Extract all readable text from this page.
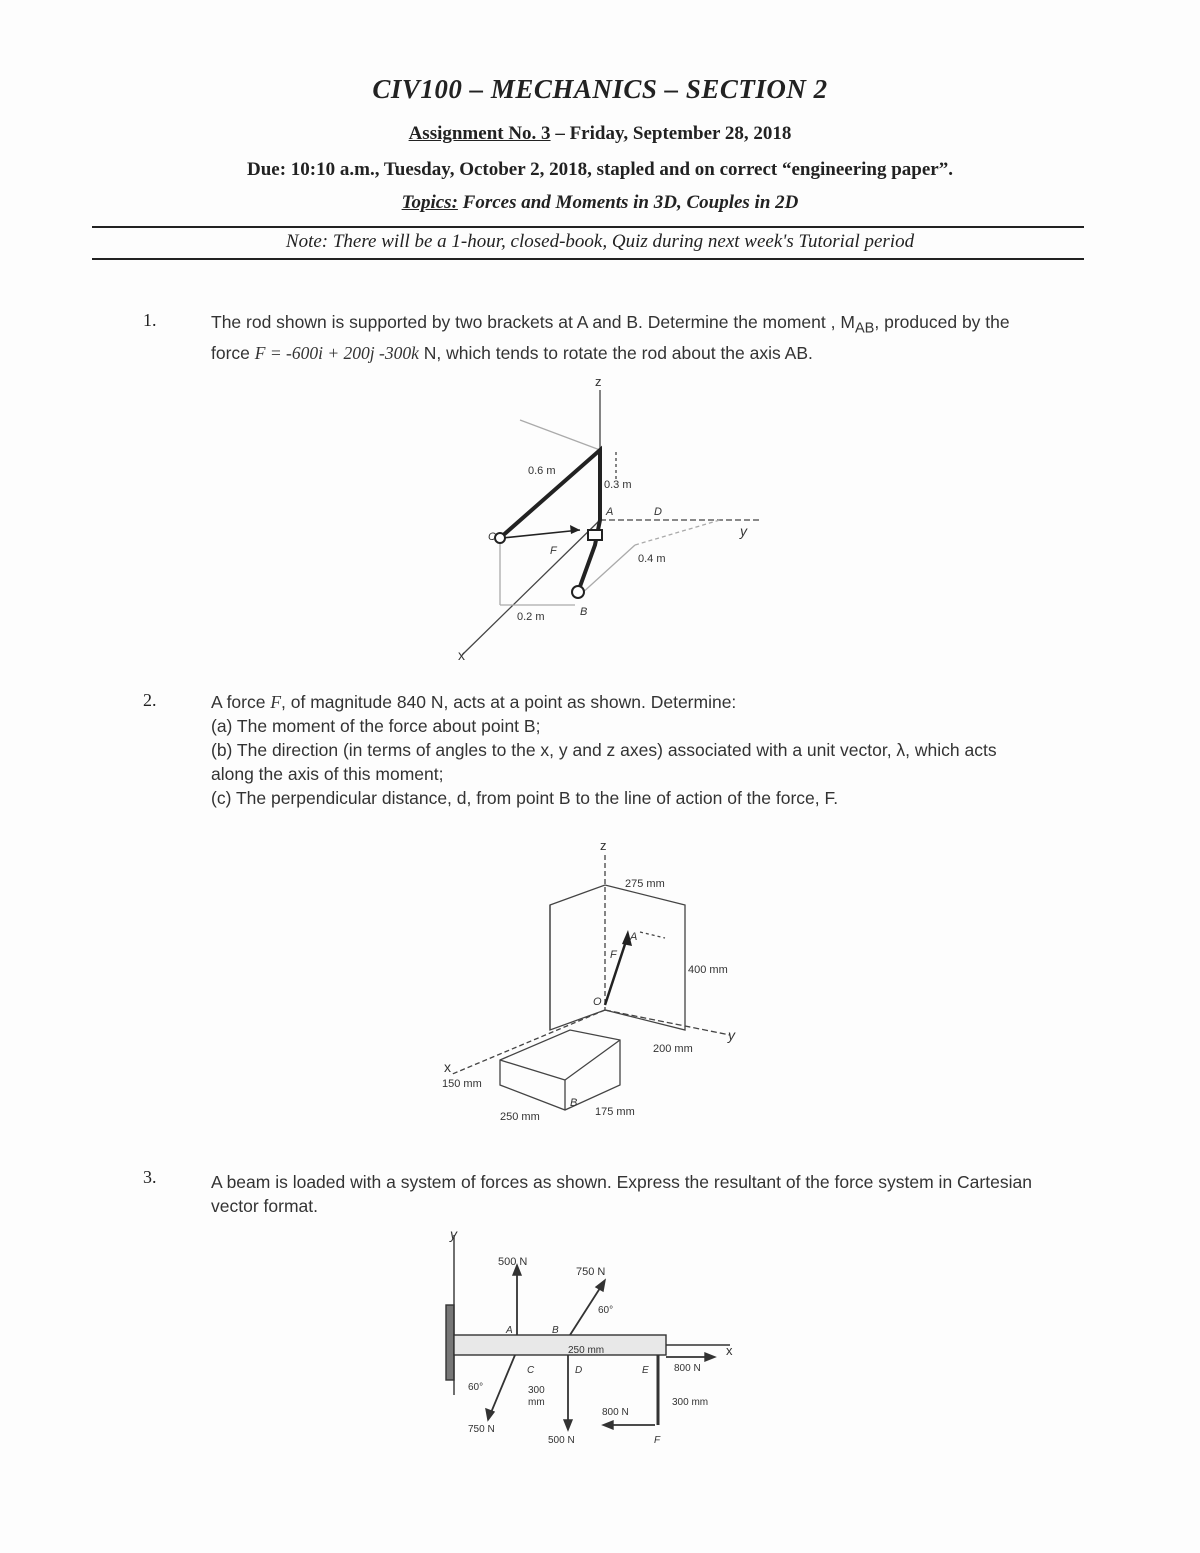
CIV100 – MECHANICS – SECTION 2
Assignment No. 3 – Friday, September 28, 2018
Due: 10:10 a.m., Tuesday, October 2, 2018, stapled and on correct “engineering paper”.
Topics: Forces and Moments in 3D, Couples in 2D
Note: There will be a 1-hour, closed-book, Quiz during next week's Tutorial period
1.	The rod shown is supported by two brackets at A and B. Determine the moment , $M_{AB}$, produced by the
force F = -600i + 200j -300k N, which tends to rotate the rod about the axis AB.
z
x
y
0.6 m
0.3 m
0.4 m
0.2 m
A
B
C
D
F
2.	A force F, of magnitude 840 N, acts at a point as shown. Determine:
(a) The moment of the force about point B;
(b) The direction (in terms of angles to the x, y and z axes) associated with a unit vector, λ, which acts
along the axis of this moment;
(c) The perpendicular distance, d, from point B to the line of action of the force, F.
z
x
y
275 mm
400 mm
200 mm
150 mm
250 mm	175 mm
A
B
O
F
3.	A beam is loaded with a system of forces as shown. Express the resultant of the force system in Cartesian
vector format.
y
x
500 N
750 N
60°
A	B
C	D	E
F
250 mm
800 N
60°	300
mm
800 N
300 mm
750 N
500 N
